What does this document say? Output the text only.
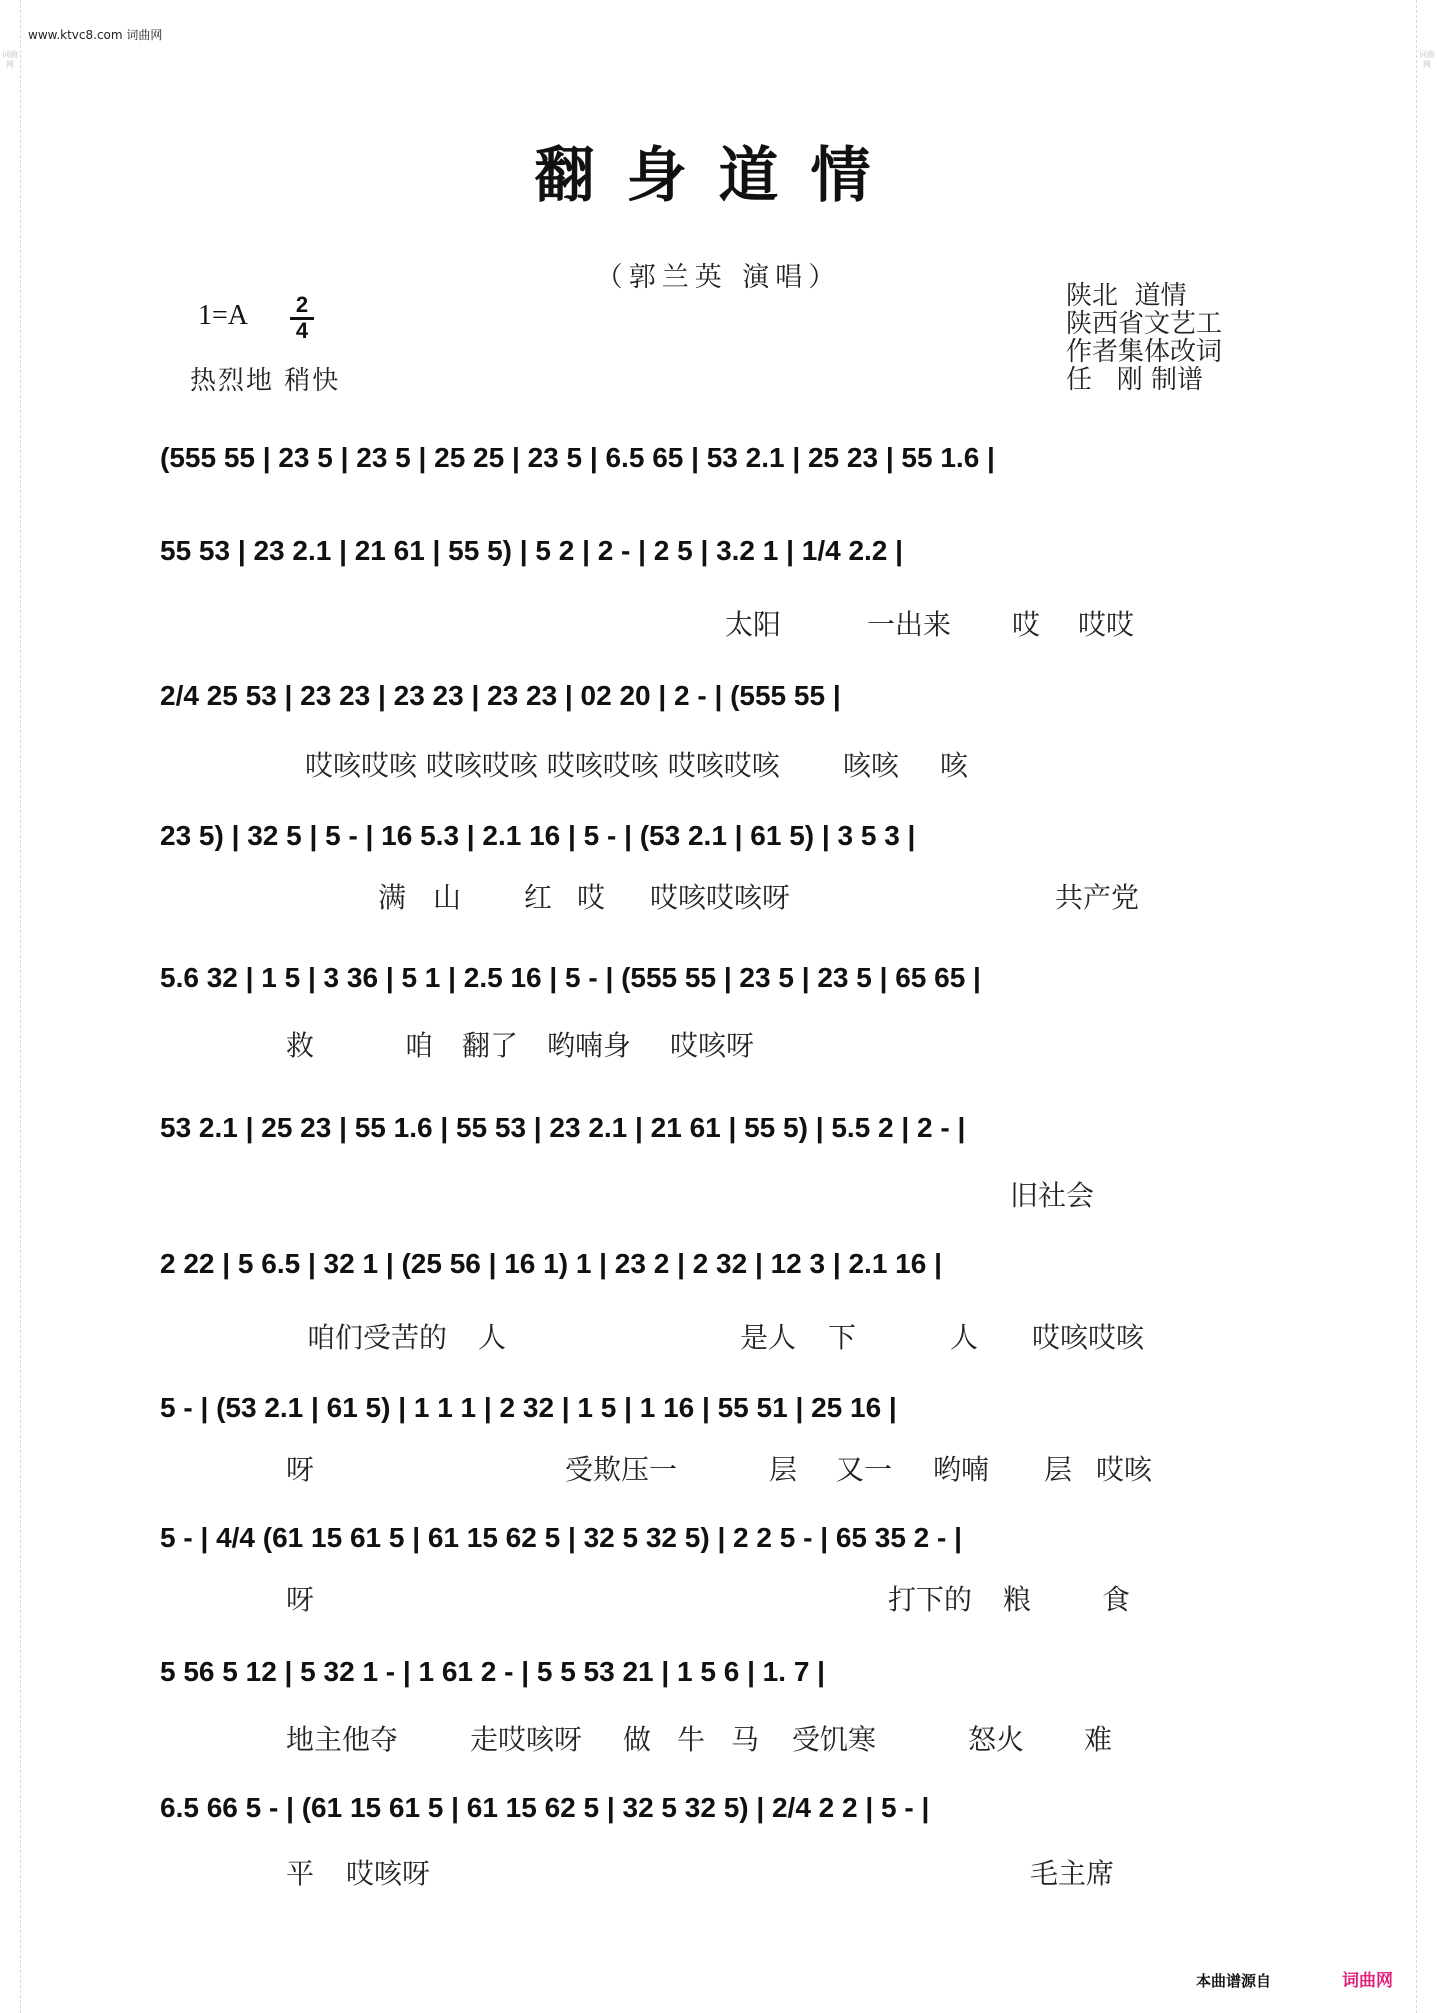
词曲网
词曲网
www.ktvc8.com 词曲网
翻身道情
（郭兰英 演唱）
1=A 2
4
热烈地 稍快
陕北  道情
陕西省文艺工
作者集体改词
任   刚 制谱
(555 55 | 23 5 | 23 5 | 25 25 | 23 5 | 6.5 65 | 53 2.1 | 25 23 | 55 1.6 |
55 53 | 23 2.1 | 21 61 | 55 5) | 5 2 | 2 - | 2 5 | 3.2 1 | 1/4 2.2 |
太阳	一出来 哎 哎哎
2/4 25 53 | 23 23 | 23 23 | 23 23 | 02 20 | 2 - | (555 55 |
哎咳哎咳 哎咳哎咳 哎咳哎咳 哎咳哎咳 咳咳 咳
23 5) | 32 5 | 5 - | 16 5.3 | 2.1 16 | 5 - | (53 2.1 | 61 5) | 3 5 3 |
满 山 红 哎 哎咳哎咳呀	共产党
5.6 32 | 1 5 | 3 36 | 5 1 | 2.5 16 | 5 - | (555 55 | 23 5 | 23 5 | 65 65 |
救	咱 翻了 哟喃身 哎咳呀
53 2.1 | 25 23 | 55 1.6 | 55 53 | 23 2.1 | 21 61 | 55 5) | 5.5 2 | 2 - |
旧社会
2 22 | 5 6.5 | 32 1 | (25 56 | 16 1) 1 | 23 2 | 2 32 | 12 3 | 2.1 16 |
咱们受苦的 人	是人 下	人 哎咳哎咳
5 - | (53 2.1 | 61 5) | 1 1 1 | 2 32 | 1 5 | 1 16 | 55 51 | 25 16 |
呀	受欺压一	层 又一 哟喃 层 哎咳
5 - | 4/4 (61 15 61 5 | 61 15 62 5 | 32 5 32 5) | 2 2 5 - | 65 35 2 - |
呀	打下的 粮	食
5 56 5 12 | 5 32 1 - | 1 61 2 - | 5 5 53 21 | 1 5 6 | 1. 7 |
地主他夺	走哎咳呀 做 牛 马 受饥寒	怒火 难
6.5 66 5 - | (61 15 61 5 | 61 15 62 5 | 32 5 32 5) | 2/4 2 2 | 5 - |
平 哎咳呀	毛主席
本曲谱源自	词曲网
